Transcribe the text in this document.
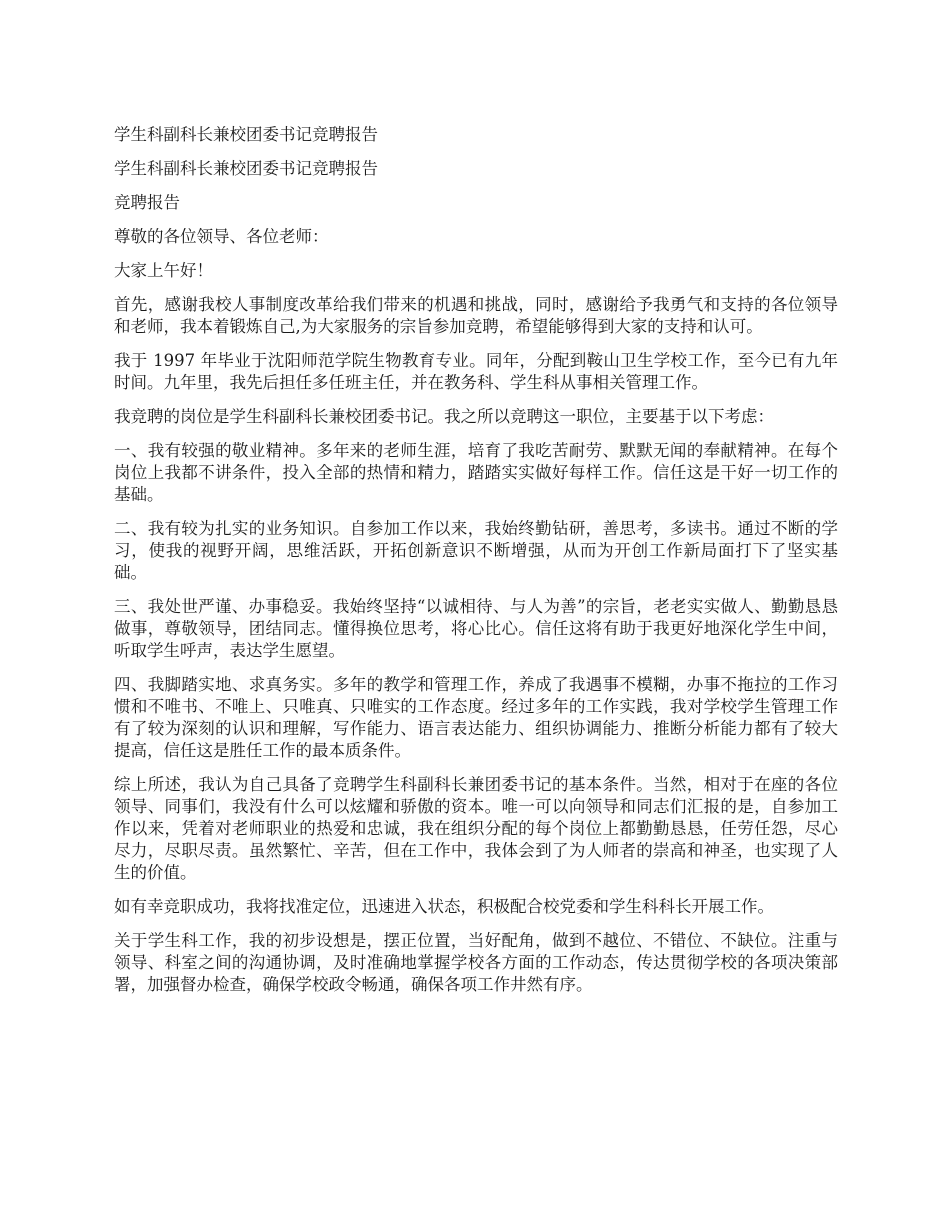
学生科副科长兼校团委书记竞聘报告

学生科副科长兼校团委书记竞聘报告

竞聘报告

尊敬的各位领导、各位老师：

大家上午好！

首先，感谢我校人事制度改革给我们带来的机遇和挑战，同时，感谢给予我勇气和支持的各位领导和老师，我本着锻炼自己,为大家服务的宗旨参加竞聘，希望能够得到大家的支持和认可。

我于 1997 年毕业于沈阳师范学院生物教育专业。同年，分配到鞍山卫生学校工作，至今已有九年时间。九年里，我先后担任多任班主任，并在教务科、学生科从事相关管理工作。

我竞聘的岗位是学生科副科长兼校团委书记。我之所以竞聘这一职位，主要基于以下考虑：

一、我有较强的敬业精神。多年来的老师生涯，培育了我吃苦耐劳、默默无闻的奉献精神。在每个岗位上我都不讲条件，投入全部的热情和精力，踏踏实实做好每样工作。信任这是干好一切工作的基础。

二、我有较为扎实的业务知识。自参加工作以来，我始终勤钻研，善思考，多读书。通过不断的学习，使我的视野开阔，思维活跃，开拓创新意识不断增强，从而为开创工作新局面打下了坚实基础。

三、我处世严谨、办事稳妥。我始终坚持“以诚相待、与人为善”的宗旨，老老实实做人、勤勤恳恳做事，尊敬领导，团结同志。懂得换位思考，将心比心。信任这将有助于我更好地深化学生中间，听取学生呼声，表达学生愿望。

四、我脚踏实地、求真务实。多年的教学和管理工作，养成了我遇事不模糊，办事不拖拉的工作习惯和不唯书、不唯上、只唯真、只唯实的工作态度。经过多年的工作实践，我对学校学生管理工作有了较为深刻的认识和理解，写作能力、语言表达能力、组织协调能力、推断分析能力都有了较大提高，信任这是胜任工作的最本质条件。

综上所述，我认为自己具备了竞聘学生科副科长兼团委书记的基本条件。当然，相对于在座的各位领导、同事们，我没有什么可以炫耀和骄傲的资本。唯一可以向领导和同志们汇报的是，自参加工作以来，凭着对老师职业的热爱和忠诚，我在组织分配的每个岗位上都勤勤恳恳，任劳任怨，尽心尽力，尽职尽责。虽然繁忙、辛苦，但在工作中，我体会到了为人师者的崇高和神圣，也实现了人生的价值。

如有幸竞职成功，我将找准定位，迅速进入状态，积极配合校党委和学生科科长开展工作。

关于学生科工作，我的初步设想是，摆正位置，当好配角，做到不越位、不错位、不缺位。注重与领导、科室之间的沟通协调，及时准确地掌握学校各方面的工作动态，传达贯彻学校的各项决策部署，加强督办检查，确保学校政令畅通，确保各项工作井然有序。
